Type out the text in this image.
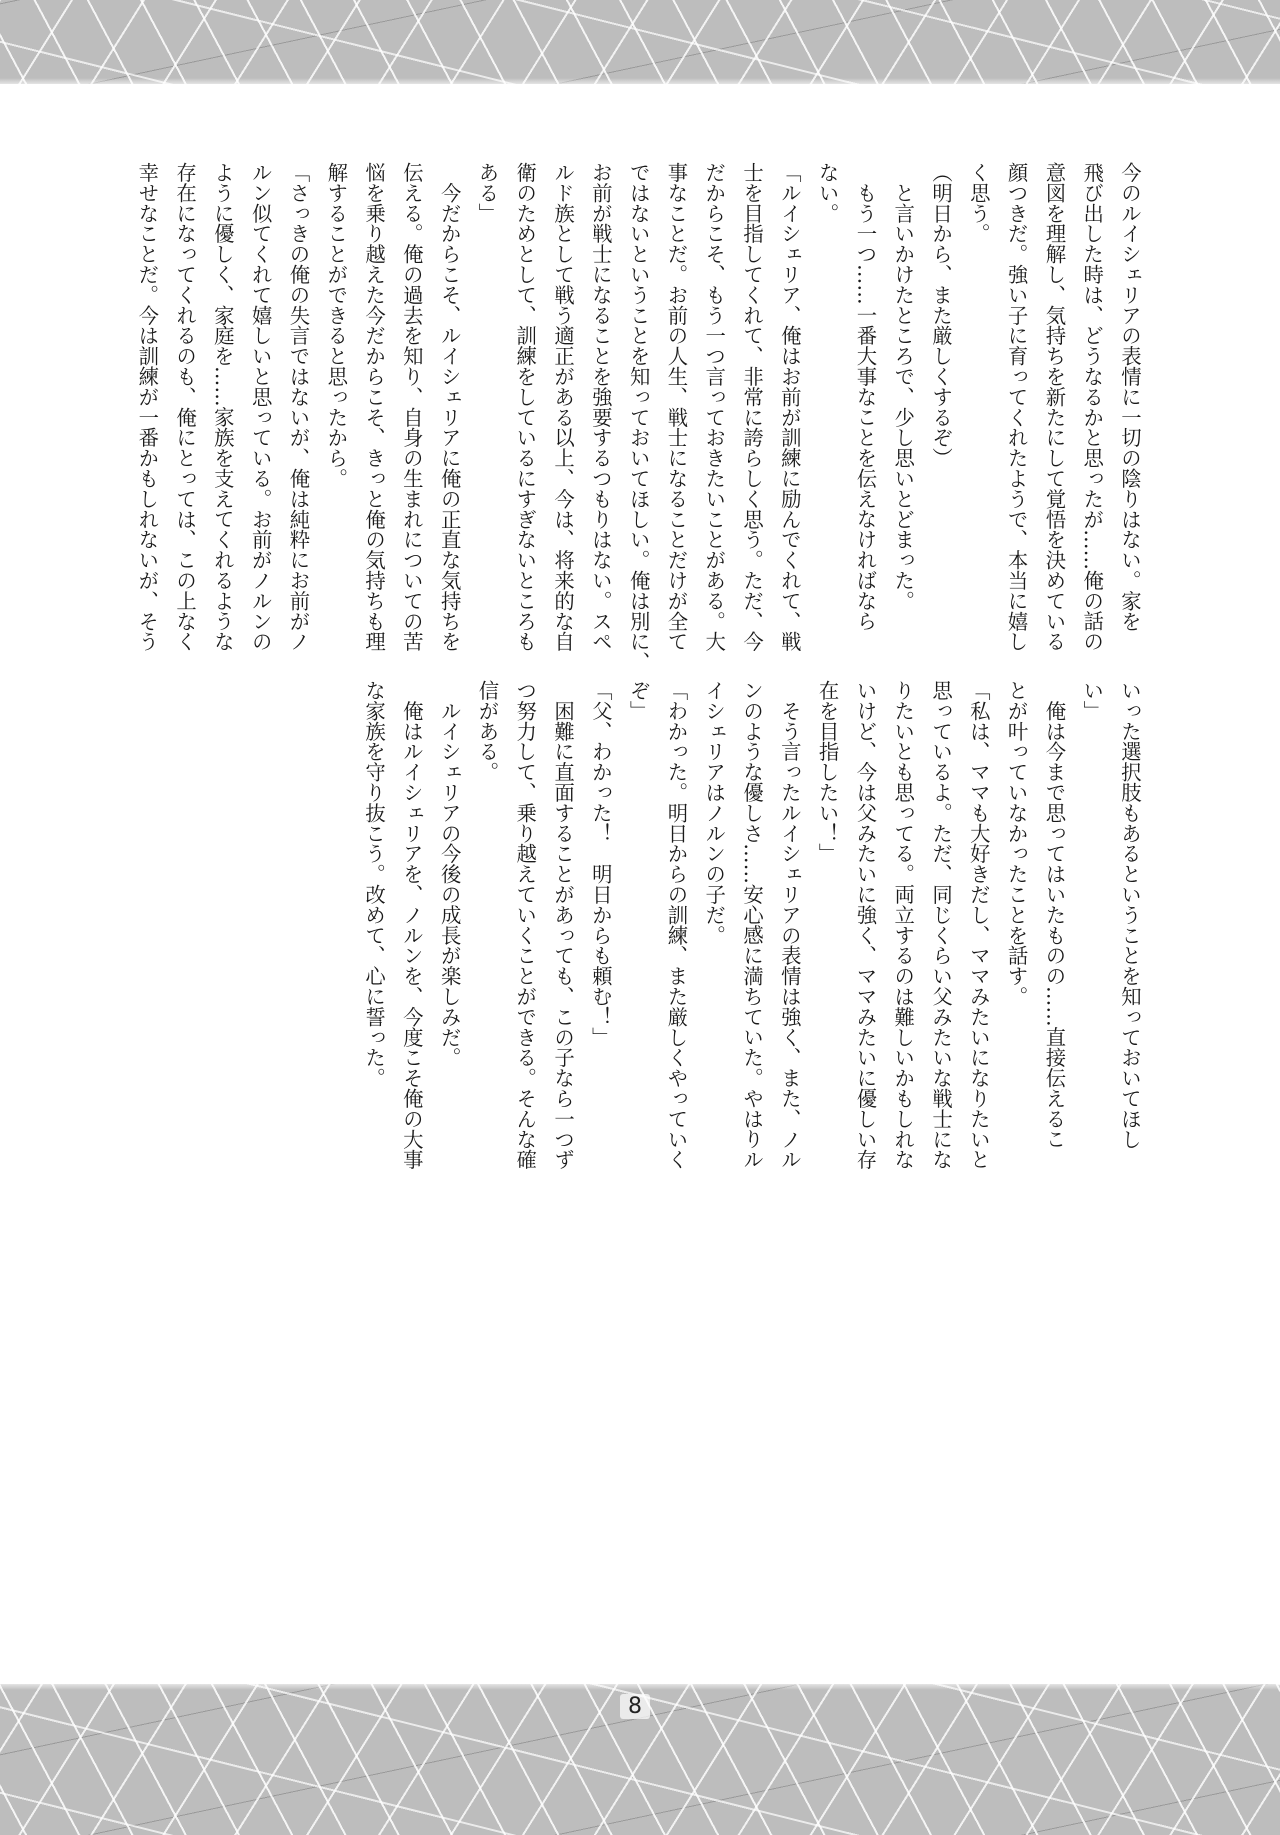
今のルイシェリアの表情に一切の陰りはない。家を
飛び出した時は、どうなるかと思ったが……俺の話の
意図を理解し、気持ちを新たにして覚悟を決めている
顔つきだ。強い子に育ってくれたようで、本当に嬉し
く思う。
（明日から、また厳しくするぞ）
　と言いかけたところで、少し思いとどまった。
　もう一つ……一番大事なことを伝えなければなら
ない。
「ルイシェリア、俺はお前が訓練に励んでくれて、戦
士を目指してくれて、非常に誇らしく思う。ただ、今
だからこそ、もう一つ言っておきたいことがある。大
事なことだ。お前の人生、戦士になることだけが全て
ではないということを知っておいてほしい。俺は別に、
お前が戦士になることを強要するつもりはない。スペ
ルド族として戦う適正がある以上、今は、将来的な自
衛のためとして、訓練をしているにすぎないところも
ある」
　今だからこそ、ルイシェリアに俺の正直な気持ちを
伝える。俺の過去を知り、自身の生まれについての苦
悩を乗り越えた今だからこそ、きっと俺の気持ちも理
解することができると思ったから。
「さっきの俺の失言ではないが、俺は純粋にお前がノ
ルン似てくれて嬉しいと思っている。お前がノルンの
ように優しく、家庭を……家族を支えてくれるような
存在になってくれるのも、俺にとっては、この上なく
幸せなことだ。今は訓練が一番かもしれないが、そう
いった選択肢もあるということを知っておいてほし
い」
　俺は今まで思ってはいたものの……直接伝えるこ
とが叶っていなかったことを話す。
「私は、ママも大好きだし、ママみたいになりたいと
思っているよ。ただ、同じくらい父みたいな戦士にな
りたいとも思ってる。両立するのは難しいかもしれな
いけど、今は父みたいに強く、ママみたいに優しい存
在を目指したい！」
　そう言ったルイシェリアの表情は強く、また、ノル
ンのような優しさ……安心感に満ちていた。やはりル
イシェリアはノルンの子だ。
「わかった。明日からの訓練、また厳しくやっていく
ぞ」
「父、わかった！　明日からも頼む！」
　困難に直面することがあっても、この子なら一つず
つ努力して、乗り越えていくことができる。そんな確
信がある。
　ルイシェリアの今後の成長が楽しみだ。
　俺はルイシェリアを、ノルンを、今度こそ俺の大事
な家族を守り抜こう。改めて、心に誓った。
8
